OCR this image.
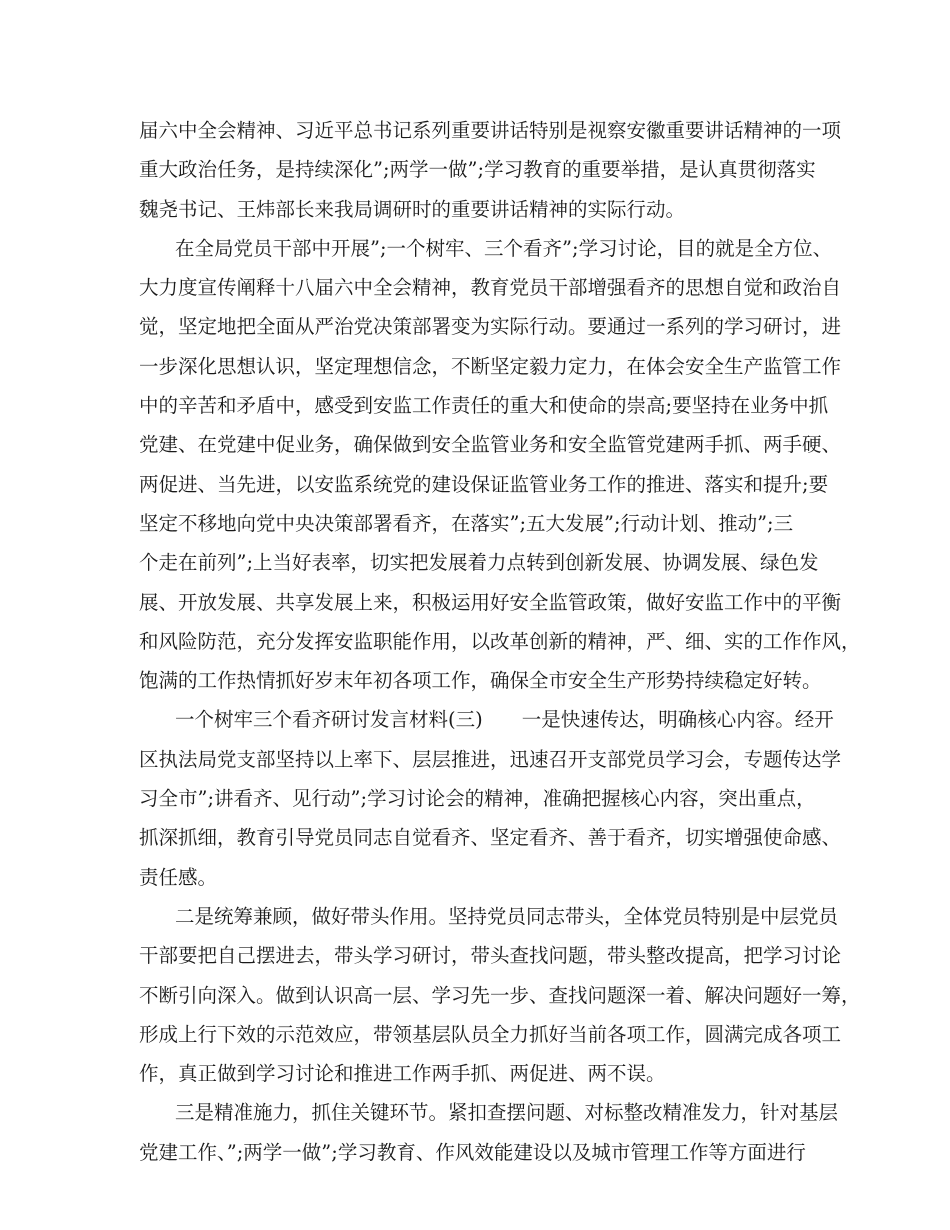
届六中全会精神、习近平总书记系列重要讲话特别是视察安徽重要讲话精神的一项
重大政治任务，是持续深化”;两学一做”;学习教育的重要举措，是认真贯彻落实
魏尧书记、王炜部长来我局调研时的重要讲话精神的实际行动。

在全局党员干部中开展”;一个树牢、三个看齐”;学习讨论，目的就是全方位、
大力度宣传阐释十八届六中全会精神，教育党员干部增强看齐的思想自觉和政治自
觉，坚定地把全面从严治党决策部署变为实际行动。要通过一系列的学习研讨，进
一步深化思想认识，坚定理想信念，不断坚定毅力定力，在体会安全生产监管工作
中的辛苦和矛盾中，感受到安监工作责任的重大和使命的崇高;要坚持在业务中抓
党建、在党建中促业务，确保做到安全监管业务和安全监管党建两手抓、两手硬、
两促进、当先进，以安监系统党的建设保证监管业务工作的推进、落实和提升;要
坚定不移地向党中央决策部署看齐，在落实”;五大发展”;行动计划、推动”;三
个走在前列”;上当好表率，切实把发展着力点转到创新发展、协调发展、绿色发
展、开放发展、共享发展上来，积极运用好安全监管政策，做好安监工作中的平衡
和风险防范，充分发挥安监职能作用，以改革创新的精神，严、细、实的工作作风，
饱满的工作热情抓好岁末年初各项工作，确保全市安全生产形势持续稳定好转。

一个树牢三个看齐研讨发言材料(三)　　一是快速传达，明确核心内容。经开
区执法局党支部坚持以上率下、层层推进，迅速召开支部党员学习会，专题传达学
习全市”;讲看齐、见行动”;学习讨论会的精神，准确把握核心内容，突出重点，
抓深抓细，教育引导党员同志自觉看齐、坚定看齐、善于看齐，切实增强使命感、
责任感。

二是统筹兼顾，做好带头作用。坚持党员同志带头，全体党员特别是中层党员
干部要把自己摆进去，带头学习研讨，带头查找问题，带头整改提高，把学习讨论
不断引向深入。做到认识高一层、学习先一步、查找问题深一着、解决问题好一筹，
形成上行下效的示范效应，带领基层队员全力抓好当前各项工作，圆满完成各项工
作，真正做到学习讨论和推进工作两手抓、两促进、两不误。

三是精准施力，抓住关键环节。紧扣查摆问题、对标整改精准发力，针对基层
党建工作、”;两学一做”;学习教育、作风效能建设以及城市管理工作等方面进行
